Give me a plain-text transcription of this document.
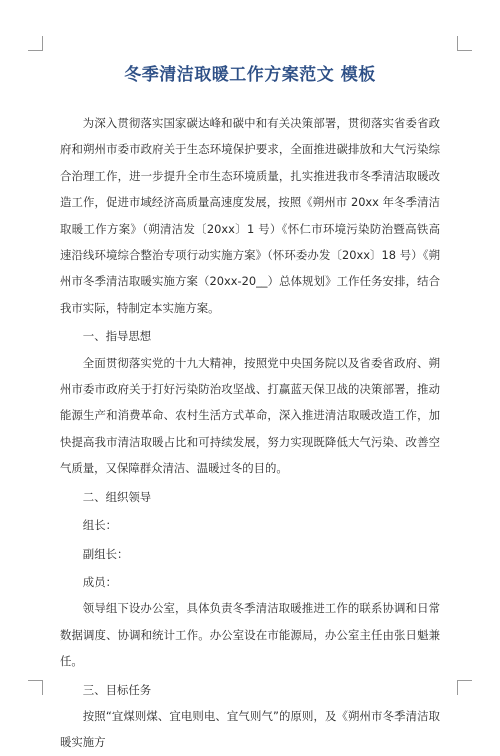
冬季清洁取暖工作方案范文 模板

为深入贯彻落实国家碳达峰和碳中和有关决策部署，贯彻落实省委省政府和朔州市委市政府关于生态环境保护要求，全面推进碳排放和大气污染综合治理工作，进一步提升全市生态环境质量，扎实推进我市冬季清洁取暖改造工作，促进市域经济高质量高速度发展，按照《朔州市 20xx 年冬季清洁取暖工作方案》（朔清洁发〔20xx〕1 号）《怀仁市环境污染防治暨高铁高速沿线环境综合整治专项行动实施方案》（怀环委办发〔20xx〕18 号）《朔州市冬季清洁取暖实施方案（20xx-20__）总体规划》工作任务安排，结合我市实际，特制定本实施方案。

一、指导思想

全面贯彻落实党的十九大精神，按照党中央国务院以及省委省政府、朔州市委市政府关于打好污染防治攻坚战、打赢蓝天保卫战的决策部署，推动能源生产和消费革命、农村生活方式革命，深入推进清洁取暖改造工作，加快提高我市清洁取暖占比和可持续发展，努力实现既降低大气污染、改善空气质量，又保障群众清洁、温暖过冬的目的。

二、组织领导

组长：

副组长：

成员：

领导组下设办公室，具体负责冬季清洁取暖推进工作的联系协调和日常数据调度、协调和统计工作。办公室设在市能源局，办公室主任由张日魁兼任。

三、目标任务

按照“宜煤则煤、宜电则电、宜气则气”的原则，及《朔州市冬季清洁取暖实施方
